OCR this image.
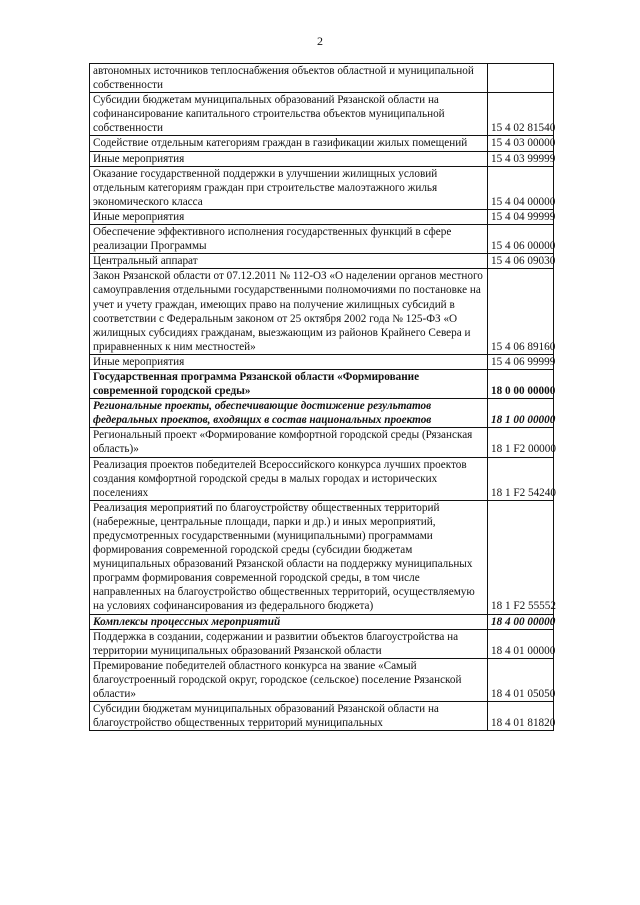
2
автономных источников теплоснабжения объектов областной и муниципальной собственности	
Субсидии бюджетам муниципальных образований Рязанской области на софинансирование капитального строительства объектов муниципальной собственности	15 4 02 81540
Содействие отдельным категориям граждан в газификации жилых помещений	15 4 03 00000
Иные мероприятия	15 4 03 99999
Оказание государственной поддержки в улучшении жилищных условий отдельным категориям граждан при строительстве малоэтажного жилья экономического класса	15 4 04 00000
Иные мероприятия	15 4 04 99999
Обеспечение эффективного исполнения государственных функций в сфере реализации Программы	15 4 06 00000
Центральный аппарат	15 4 06 09030
Закон Рязанской области от 07.12.2011 № 112-ОЗ «О наделении органов местного самоуправления отдельными государственными полномочиями по постановке на учет и учету граждан, имеющих право на получение жилищных субсидий в соответствии с Федеральным законом от 25 октября 2002 года № 125-ФЗ «О жилищных субсидиях гражданам, выезжающим из районов Крайнего Севера и приравненных к ним местностей»	15 4 06 89160
Иные мероприятия	15 4 06 99999
Государственная программа Рязанской области «Формирование современной городской среды»	18 0 00 00000
Региональные проекты, обеспечивающие достижение результатов федеральных проектов, входящих в состав национальных проектов	18 1 00 00000
Региональный проект «Формирование комфортной городской среды (Рязанская область)»	18 1 F2 00000
Реализация проектов победителей Всероссийского конкурса лучших проектов создания комфортной городской среды в малых городах и исторических поселениях	18 1 F2 54240
Реализация мероприятий по благоустройству общественных территорий (набережные, центральные площади, парки и др.) и иных мероприятий, предусмотренных государственными (муниципальными) программами формирования современной городской среды (субсидии бюджетам муниципальных образований Рязанской области на поддержку муниципальных программ формирования современной городской среды, в том числе направленных на благоустройство общественных территорий, осуществляемую на условиях софинансирования из федерального бюджета)	18 1 F2 55552
Комплексы процессных мероприятий	18 4 00 00000
Поддержка в создании, содержании и развитии объектов благоустройства на территории муниципальных образований Рязанской области	18 4 01 00000
Премирование победителей областного конкурса на звание «Самый благоустроенный городской округ, городское (сельское) поселение Рязанской области»	18 4 01 05050
Субсидии бюджетам муниципальных образований Рязанской области на благоустройство общественных территорий муниципальных	18 4 01 81820
